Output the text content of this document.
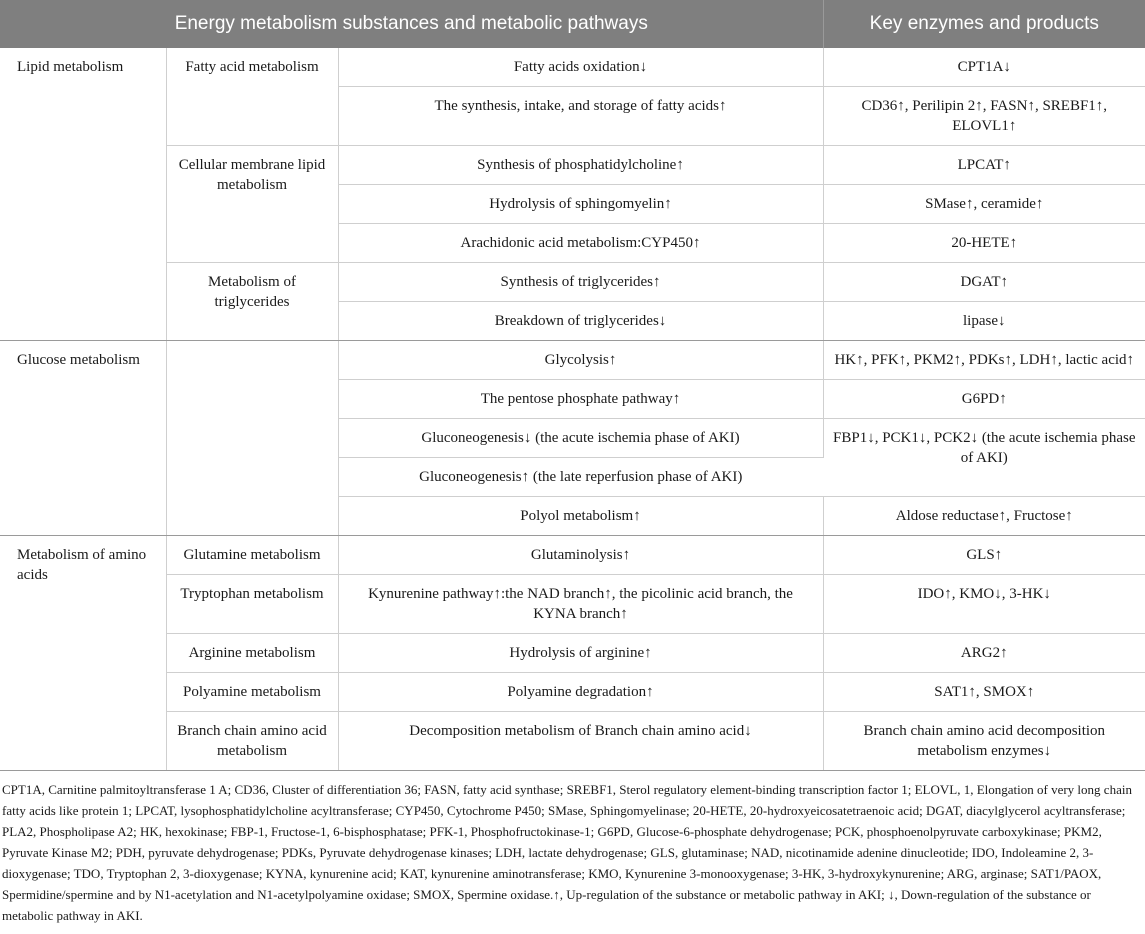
Energy metabolism substances and metabolic pathways			Key enzymes and products
Lipid metabolism	Fatty acid metabolism	Fatty acids oxidation↓	CPT1A↓
		The synthesis, intake, and storage of fatty acids↑	CD36↑, Perilipin 2↑, FASN↑, SREBF1↑, ELOVL1↑
	Cellular membrane lipid metabolism	Synthesis of phosphatidylcholine↑	LPCAT↑
		Hydrolysis of sphingomyelin↑	SMase↑, ceramide↑
		Arachidonic acid metabolism:CYP450↑	20-HETE↑
	Metabolism of triglycerides	Synthesis of triglycerides↑	DGAT↑
		Breakdown of triglycerides↓	lipase↓
Glucose metabolism		Glycolysis↑	HK↑, PFK↑, PKM2↑, PDKs↑, LDH↑, lactic acid↑
		The pentose phosphate pathway↑	G6PD↑
		Gluconeogenesis↓ (the acute ischemia phase of AKI)	FBP1↓, PCK1↓, PCK2↓ (the acute ischemia phase of AKI)
		Gluconeogenesis↑ (the late reperfusion phase of AKI)	
		Polyol metabolism↑	Aldose reductase↑, Fructose↑
Metabolism of amino acids	Glutamine metabolism	Glutaminolysis↑	GLS↑
	Tryptophan metabolism	Kynurenine pathway↑:the NAD branch↑, the picolinic acid branch, the KYNA branch↑	IDO↑, KMO↓, 3-HK↓
	Arginine metabolism	Hydrolysis of arginine↑	ARG2↑
	Polyamine metabolism	Polyamine degradation↑	SAT1↑, SMOX↑
	Branch chain amino acid metabolism	Decomposition metabolism of Branch chain amino acid↓	Branch chain amino acid decomposition metabolism enzymes↓

CPT1A, Carnitine palmitoyltransferase 1 A; CD36, Cluster of differentiation 36; FASN, fatty acid synthase; SREBF1, Sterol regulatory element-binding transcription factor 1; ELOVL, 1, Elongation of very long chain fatty acids like protein 1; LPCAT, lysophosphatidylcholine acyltransferase; CYP450, Cytochrome P450; SMase, Sphingomyelinase; 20-HETE, 20-hydroxyeicosatetraenoic acid; DGAT, diacylglycerol acyltransferase; PLA2, Phospholipase A2; HK, hexokinase; FBP-1, Fructose-1, 6-bisphosphatase; PFK-1, Phosphofructokinase-1; G6PD, Glucose-6-phosphate dehydrogenase; PCK, phosphoenolpyruvate carboxykinase; PKM2, Pyruvate Kinase M2; PDH, pyruvate dehydrogenase; PDKs, Pyruvate dehydrogenase kinases; LDH, lactate dehydrogenase; GLS, glutaminase; NAD, nicotinamide adenine dinucleotide; IDO, Indoleamine 2, 3-dioxygenase; TDO, Tryptophan 2, 3-dioxygenase; KYNA, kynurenine acid; KAT, kynurenine aminotransferase; KMO, Kynurenine 3-monooxygenase; 3-HK, 3-hydroxykynurenine; ARG, arginase; SAT1/PAOX, Spermidine/spermine and by N1-acetylation and N1-acetylpolyamine oxidase; SMOX, Spermine oxidase.↑, Up-regulation of the substance or metabolic pathway in AKI; ↓, Down-regulation of the substance or metabolic pathway in AKI.
